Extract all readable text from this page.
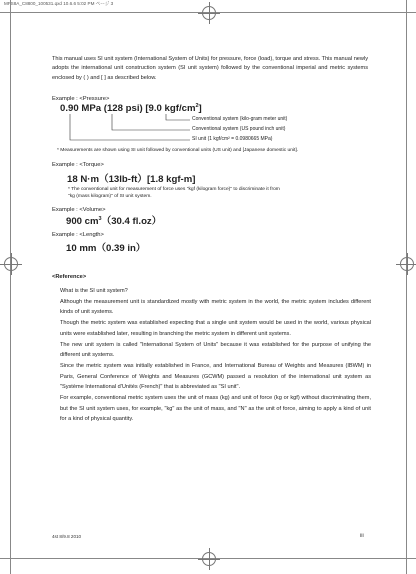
MFS8A_C8800_100531.qxd 10.6.6 5:02 PM ページ 3
This manual uses SI unit system (International System of Units) for pressure, force (load), torque and stress. This manual newly adopts the international unit construction system (SI unit system) followed by the conventional imperial and metric systems enclosed by ( ) and [ ] as described below.
Example : <Pressure>
0.90 MPa (128 psi) [9.0 kgf/$cm^2$]
Conventional system (kilo-gram meter unit)
Conventional system (US pound inch unit)
SI unit (1 kgf/cm² = 0.0980665 MPa)
* Measurements are shown using SI unit followed by conventional units (US unit) and [Japanese domestic unit].
Example : <Torque>
18 N·m（13lb-ft）[1.8 kgf-m]
* The conventional unit for measurement of force uses "kgf (kilogram force)" to discriminate it from
"kg (mass kilogram)" of SI unit system.
Example : <Volume>
900 $cm^3(30.4$ fl.oz）
Example : <Length>
10 mm（0.39 in）
<Reference>

What is the SI unit system?

Although the measurement unit is standardized mostly with metric system in the world, the metric system includes different kinds of unit systems.

Though the metric system was established expecting that a single unit system would be used in the world, various physical units were established later, resulting in branching the metric system in different unit systems.

The new unit system is called "International System of Units" because it was established for the purpose of unifying the different unit systems.

Since the metric system was initially established in France, and International Bureau of Weights and Measures (IBWM) in Paris, General Conference of Weights and Measures (GCWM) passed a resolution of the international unit system as "Système International d'Unités (French)" that is abbreviated as "SI unit".

For example, conventional metric system uses the unit of mass (kg) and unit of force (kg or kgf) without discriminating them, but the SI unit system uses, for example, "kg" as the unit of mass, and "N" as the unit of force, aiming to apply a kind of unit for a kind of physical quantity.

4st 8/9.8 2010	iii
